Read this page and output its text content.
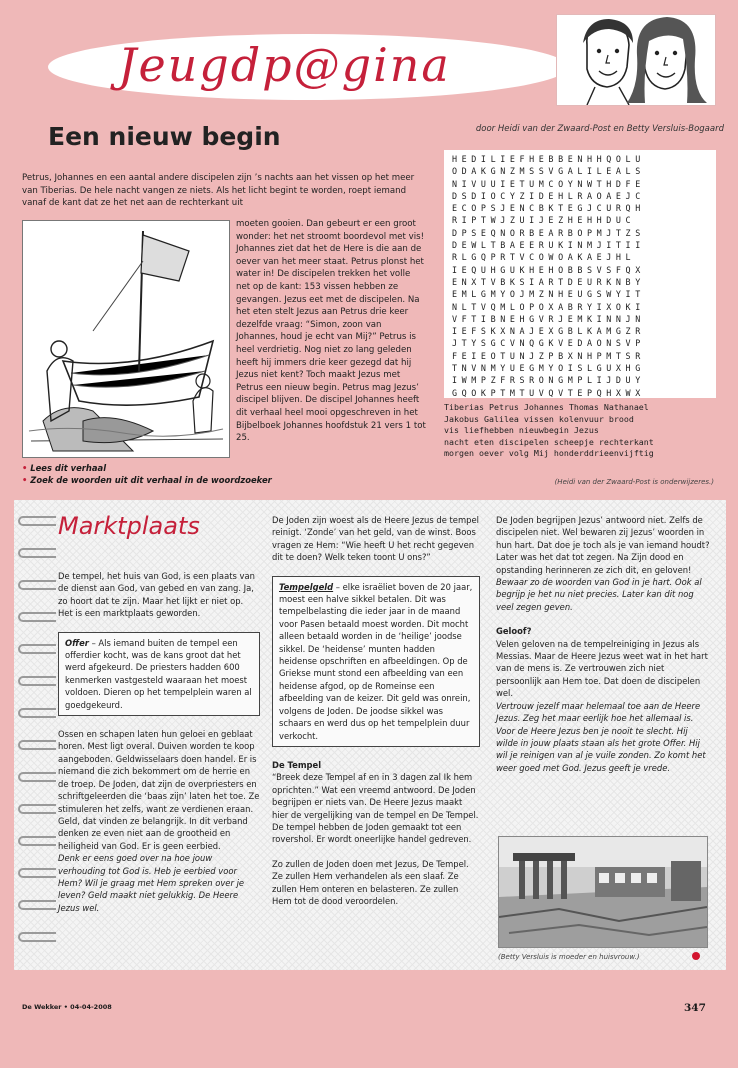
Jeugdp@gina
Een nieuw begin	door Heidi van der Zwaard-Post en Betty Versluis-Bogaard
Petrus, Johannes en een aantal andere discipelen zijn ’s nachts aan het vissen op het meer van Tiberias. De hele nacht vangen ze niets. Als het licht begint te worden, roept iemand vanaf de kant dat ze het net aan de rechterkant uit
moeten gooien. Dan gebeurt er een groot wonder: het net stroomt boordevol met vis! Johannes ziet dat het de Here is die aan de oever van het meer staat. Petrus plonst het water in! De discipelen trekken het volle net op de kant: 153 vissen hebben ze gevangen. Jezus eet met de discipelen. Na het eten stelt Jezus aan Petrus drie keer dezelfde vraag: “Simon, zoon van Johannes, houd je echt van Mij?” Petrus is heel verdrietig. Nog niet zo lang geleden heeft hij immers drie keer gezegd dat hij Jezus niet kent? Toch maakt Jezus met Petrus een nieuw begin. Petrus mag Jezus’ discipel blijven. De discipel Johannes heeft dit verhaal heel mooi opgeschreven in het Bijbelboek Johannes hoofdstuk 21 vers 1 tot 25.
• Lees dit verhaal
• Zoek de woorden uit dit verhaal in de woordzoeker
HEDILIEFHEBBENHHQOLU
ODAKGNZMSSVGALILEALS
NIVUUIETUMCOYNWTHDFE
DSDIOCYZIDEHLRAOAEJC
ECOPSJENCBKTEGJCURQH
RIPTWJZUIJEZHEHHDUC
DPSEQNORBEARBOPMJTZS
DEWLTBAEERUKINMJITII
RLGQPRTVCOWOAKAEJHL
IEQUHGUKHEHOBBSVSFQX
ENXTVBKSIARTDEURKNBY
EMLGMYOJMZNHEUGSWYIT
NLTVQMLOPOXABRYIXOKI
VFTIBNEHGVRJEMKINNJN
IEFSKXNAJEXGBLKAMGZR
JTYSGCVNQGKVEDAONSVP
FEIEOTUNJZPBXNHPMTSR
TNVNMYUEGMYOISLGUXHG
IWMPZFRSRONGMPLIJDUY
GQOKPTMTUVQVTEPQHXWX
Tiberias Petrus Johannes Thomas Nathanael
Jakobus Galilea vissen kolenvuur brood
vis liefhebben nieuwbegin Jezus
nacht eten discipelen scheepje rechterkant
morgen oever volg Mij honderddrieenvijftig
(Heidi van der Zwaard-Post is onderwijzeres.)
Marktplaats

De tempel, het huis van God, is een plaats van de dienst aan God, van gebed en van zang. Ja, zo hoort dat te zijn. Maar het lijkt er niet op. Het is een marktplaats geworden.

Offer – Als iemand buiten de tempel een offerdier kocht, was de kans groot dat het werd afgekeurd. De priesters hadden 600 kenmerken vastgesteld waaraan het moest voldoen. Dieren op het tempelplein waren al goedgekeurd.
Ossen en schapen laten hun geloei en geblaat horen. Mest ligt overal. Duiven worden te koop aangeboden. Geldwisselaars doen handel. Er is niemand die zich bekommert om de herrie en de troep. De Joden, dat zijn de overpriesters en schriftgeleerden die ‘baas zijn’ laten het toe. Ze stimuleren het zelfs, want ze verdienen eraan. Geld, dat vinden ze belangrijk. In dit verband denken ze even niet aan de grootheid en heiligheid van God. Er is geen eerbied.
Denk er eens goed over na hoe jouw verhouding tot God is. Heb je eerbied voor Hem? Wil je graag met Hem spreken over je leven? Geld maakt niet gelukkig. De Heere Jezus wel.

De Joden zijn woest als de Heere Jezus de tempel reinigt. ‘Zonde’ van het geld, van de winst. Boos vragen ze Hem: “Wie heeft U het recht gegeven dit te doen? Welk teken toont U ons?”

Tempelgeld – elke israëliet boven de 20 jaar, moest een halve sikkel betalen. Dit was tempelbelasting die ieder jaar in de maand voor Pasen betaald moest worden. Dit mocht alleen betaald worden in de ‘heilige’ joodse sikkel. De ‘heidense’ munten hadden heidense opschriften en afbeeldingen. Op de Griekse munt stond een afbeelding van een heidense afgod, op de Romeinse een afbeelding van de keizer. Dit geld was onrein, volgens de Joden. De joodse sikkel was schaars en werd dus op het tempelplein duur verkocht.
De Tempel

“Breek deze Tempel af en in 3 dagen zal Ik hem oprichten.” Wat een vreemd antwoord. De Joden begrijpen er niets van. De Heere Jezus maakt hier de vergelijking van de tempel en De Tempel. De tempel hebben de Joden gemaakt tot een rovershol. Er wordt oneerlijke handel gedreven.

Zo zullen de Joden doen met Jezus, De Tempel. Ze zullen Hem verhandelen als een slaaf. Ze zullen Hem onteren en belasteren. Ze zullen Hem tot de dood veroordelen.

De Joden begrijpen Jezus’ antwoord niet. Zelfs de discipelen niet. Wel bewaren zij Jezus’ woorden in hun hart. Dat doe je toch als je van iemand houdt? Later was het dat tot zegen. Na Zijn dood en opstanding herinneren ze zich dit, en geloven!

Bewaar zo de woorden van God in je hart. Ook al begrijp je het nu niet precies. Later kan dit nog veel zegen geven.

Geloof?
Velen geloven na de tempelreiniging in Jezus als Messias. Maar de Heere Jezus weet wat in het hart van de mens is. Ze vertrouwen zich niet persoonlijk aan Hem toe. Dat doen de discipelen wel.
Vertrouw jezelf maar helemaal toe aan de Heere Jezus. Zeg het maar eerlijk hoe het allemaal is. Voor de Heere Jezus ben je nooit te slecht. Hij wilde in jouw plaats staan als het grote Offer. Hij wil je reinigen van al je vuile zonden. Zo komt het weer goed met God. Jezus geeft je vrede.
(Betty Versluis is moeder en huisvrouw.)
De Wekker • 04-04-2008	347
